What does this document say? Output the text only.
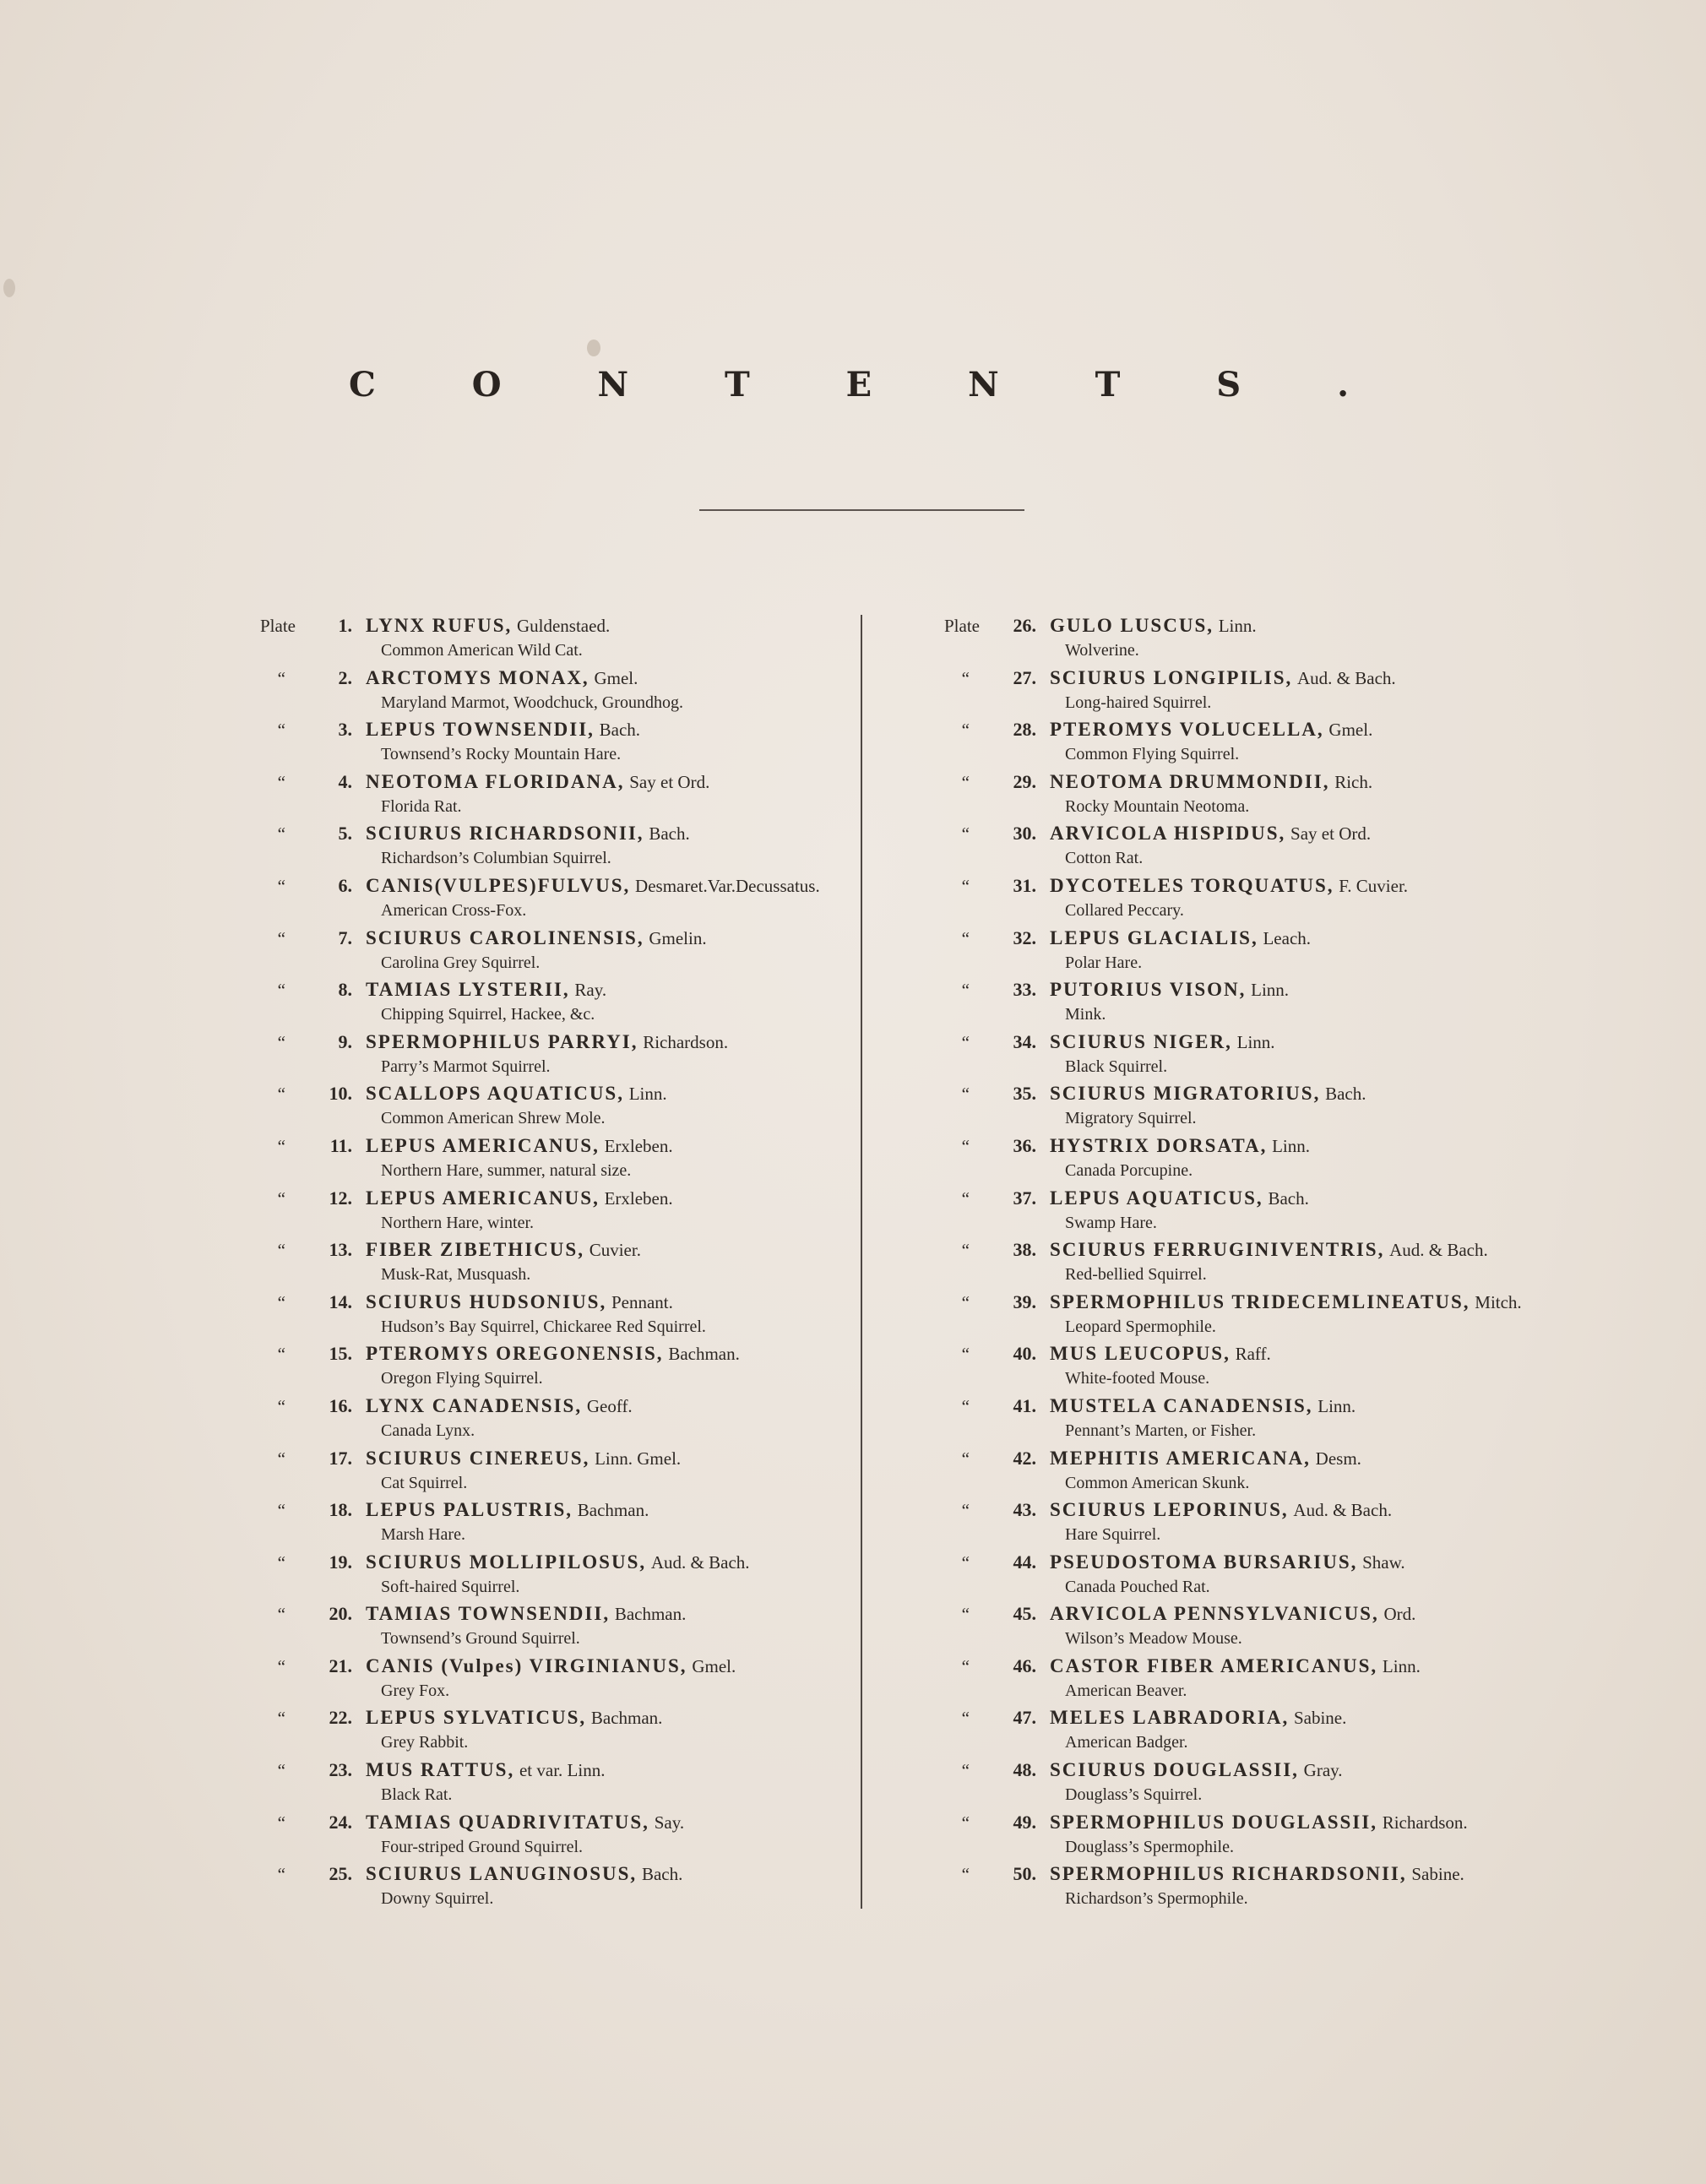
C O N T E N T S .
Plate 1. LYNX RUFUS, Guldenstaed.
Common American Wild Cat.
“	2. ARCTOMYS MONAX, Gmel.
Maryland Marmot, Woodchuck, Groundhog.
“	3. LEPUS TOWNSENDII, Bach.
Townsend’s Rocky Mountain Hare.
“	4. NEOTOMA FLORIDANA, Say et Ord.
Florida Rat.
“	5. SCIURUS RICHARDSONII, Bach.
Richardson’s Columbian Squirrel.
“	6. CANIS(VULPES)FULVUS, Desmaret.Var.Decussatus.
American Cross-Fox.
“	7. SCIURUS CAROLINENSIS, Gmelin.
Carolina Grey Squirrel.
“	8. TAMIAS LYSTERII, Ray.
Chipping Squirrel, Hackee, &c.
“	9. SPERMOPHILUS PARRYI, Richardson.
Parry’s Marmot Squirrel.
“ 10. SCALLOPS AQUATICUS, Linn.
Common American Shrew Mole.
“ 11. LEPUS AMERICANUS, Erxleben.
Northern Hare, summer, natural size.
“ 12. LEPUS AMERICANUS, Erxleben.
Northern Hare, winter.
“ 13. FIBER ZIBETHICUS, Cuvier.
Musk-Rat, Musquash.
“ 14. SCIURUS HUDSONIUS, Pennant.
Hudson’s Bay Squirrel, Chickaree Red Squirrel.
“ 15. PTEROMYS OREGONENSIS, Bachman.
Oregon Flying Squirrel.
“ 16. LYNX CANADENSIS, Geoff.
Canada Lynx.
“ 17. SCIURUS CINEREUS, Linn. Gmel.
Cat Squirrel.
“ 18. LEPUS PALUSTRIS, Bachman.
Marsh Hare.
“ 19. SCIURUS MOLLIPILOSUS, Aud. & Bach.
Soft-haired Squirrel.
“ 20. TAMIAS TOWNSENDII, Bachman.
Townsend’s Ground Squirrel.
“ 21. CANIS (Vulpes) VIRGINIANUS, Gmel.
Grey Fox.
“ 22. LEPUS SYLVATICUS, Bachman.
Grey Rabbit.
“ 23. MUS RATTUS, et var. Linn.
Black Rat.
“ 24. TAMIAS QUADRIVITATUS, Say.
Four-striped Ground Squirrel.
“ 25. SCIURUS LANUGINOSUS, Bach.
Downy Squirrel.
Plate 26. GULO LUSCUS, Linn.
Wolverine.
“ 27. SCIURUS LONGIPILIS, Aud. & Bach.
Long-haired Squirrel.
“ 28. PTEROMYS VOLUCELLA, Gmel.
Common Flying Squirrel.
“ 29. NEOTOMA DRUMMONDII, Rich.
Rocky Mountain Neotoma.
“ 30. ARVICOLA HISPIDUS, Say et Ord.
Cotton Rat.
“ 31. DYCOTELES TORQUATUS, F. Cuvier.
Collared Peccary.
“ 32. LEPUS GLACIALIS, Leach.
Polar Hare.
“ 33. PUTORIUS VISON, Linn.
Mink.
“ 34. SCIURUS NIGER, Linn.
Black Squirrel.
“ 35. SCIURUS MIGRATORIUS, Bach.
Migratory Squirrel.
“ 36. HYSTRIX DORSATA, Linn.
Canada Porcupine.
“ 37. LEPUS AQUATICUS, Bach.
Swamp Hare.
“ 38. SCIURUS FERRUGINIVENTRIS, Aud. & Bach.
Red-bellied Squirrel.
“ 39. SPERMOPHILUS TRIDECEMLINEATUS, Mitch.
Leopard Spermophile.
“ 40. MUS LEUCOPUS, Raff.
White-footed Mouse.
“ 41. MUSTELA CANADENSIS, Linn.
Pennant’s Marten, or Fisher.
“ 42. MEPHITIS AMERICANA, Desm.
Common American Skunk.
“ 43. SCIURUS LEPORINUS, Aud. & Bach.
Hare Squirrel.
“ 44. PSEUDOSTOMA BURSARIUS, Shaw.
Canada Pouched Rat.
“ 45. ARVICOLA PENNSYLVANICUS, Ord.
Wilson’s Meadow Mouse.
“ 46. CASTOR FIBER AMERICANUS, Linn.
American Beaver.
“ 47. MELES LABRADORIA, Sabine.
American Badger.
“ 48. SCIURUS DOUGLASSII, Gray.
Douglass’s Squirrel.
“ 49. SPERMOPHILUS DOUGLASSII, Richardson.
Douglass’s Spermophile.
“ 50. SPERMOPHILUS RICHARDSONII, Sabine.
Richardson’s Spermophile.
